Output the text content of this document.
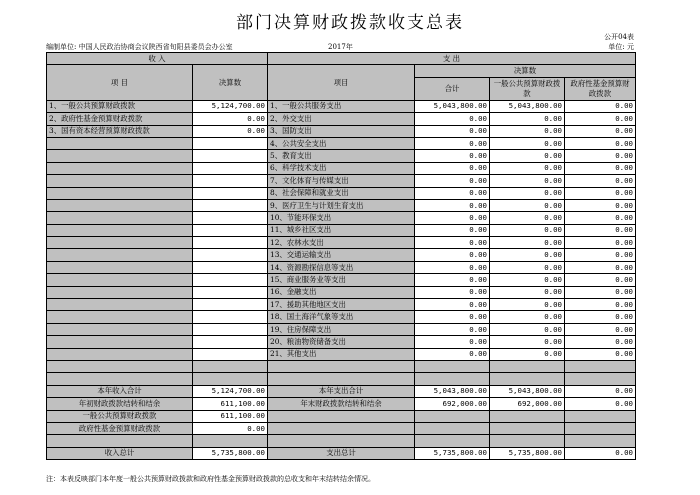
部门决算财政拨款收支总表
公开04表
编制单位: 中国人民政治协商会议陕西省旬阳县委员会办公室	2017年	单位: 元
收 入		支 出			
项 目	决算数	项目	决算数		
			合计	一般公共预算财政拨款	政府性基金预算财政拨款
1、一般公共预算财政拨款	5,124,700.00	1、一般公共服务支出	5,043,800.00	5,043,800.00	0.00
2、政府性基金预算财政拨款	0.00	2、外交支出	0.00	0.00	0.00
3、国有资本经营预算财政拨款	0.00	3、国防支出	0.00	0.00	0.00
		4、公共安全支出	0.00	0.00	0.00
		5、教育支出	0.00	0.00	0.00
		6、科学技术支出	0.00	0.00	0.00
		7、文化体育与传媒支出	0.00	0.00	0.00
		8、社会保障和就业支出	0.00	0.00	0.00
		9、医疗卫生与计划生育支出	0.00	0.00	0.00
		10、节能环保支出	0.00	0.00	0.00
		11、城乡社区支出	0.00	0.00	0.00
		12、农林水支出	0.00	0.00	0.00
		13、交通运输支出	0.00	0.00	0.00
		14、资源勘探信息等支出	0.00	0.00	0.00
		15、商业服务业等支出	0.00	0.00	0.00
		16、金融支出	0.00	0.00	0.00
		17、援助其他地区支出	0.00	0.00	0.00
		18、国土海洋气象等支出	0.00	0.00	0.00
		19、住房保障支出	0.00	0.00	0.00
		20、粮油物资储备支出	0.00	0.00	0.00
		21、其他支出	0.00	0.00	0.00

本年收入合计	5,124,700.00	本年支出合计	5,043,800.00	5,043,800.00	0.00
年初财政拨款结转和结余	611,100.00	年末财政拨款结转和结余	692,000.00	692,000.00	0.00
一般公共预算财政拨款	611,100.00				
政府性基金预算财政拨款	0.00				

收入总计	5,735,800.00	支出总计	5,735,800.00	5,735,800.00	0.00
注：本表反映部门本年度一般公共预算财政拨款和政府性基金预算财政拨款的总收支和年末结转结余情况。
